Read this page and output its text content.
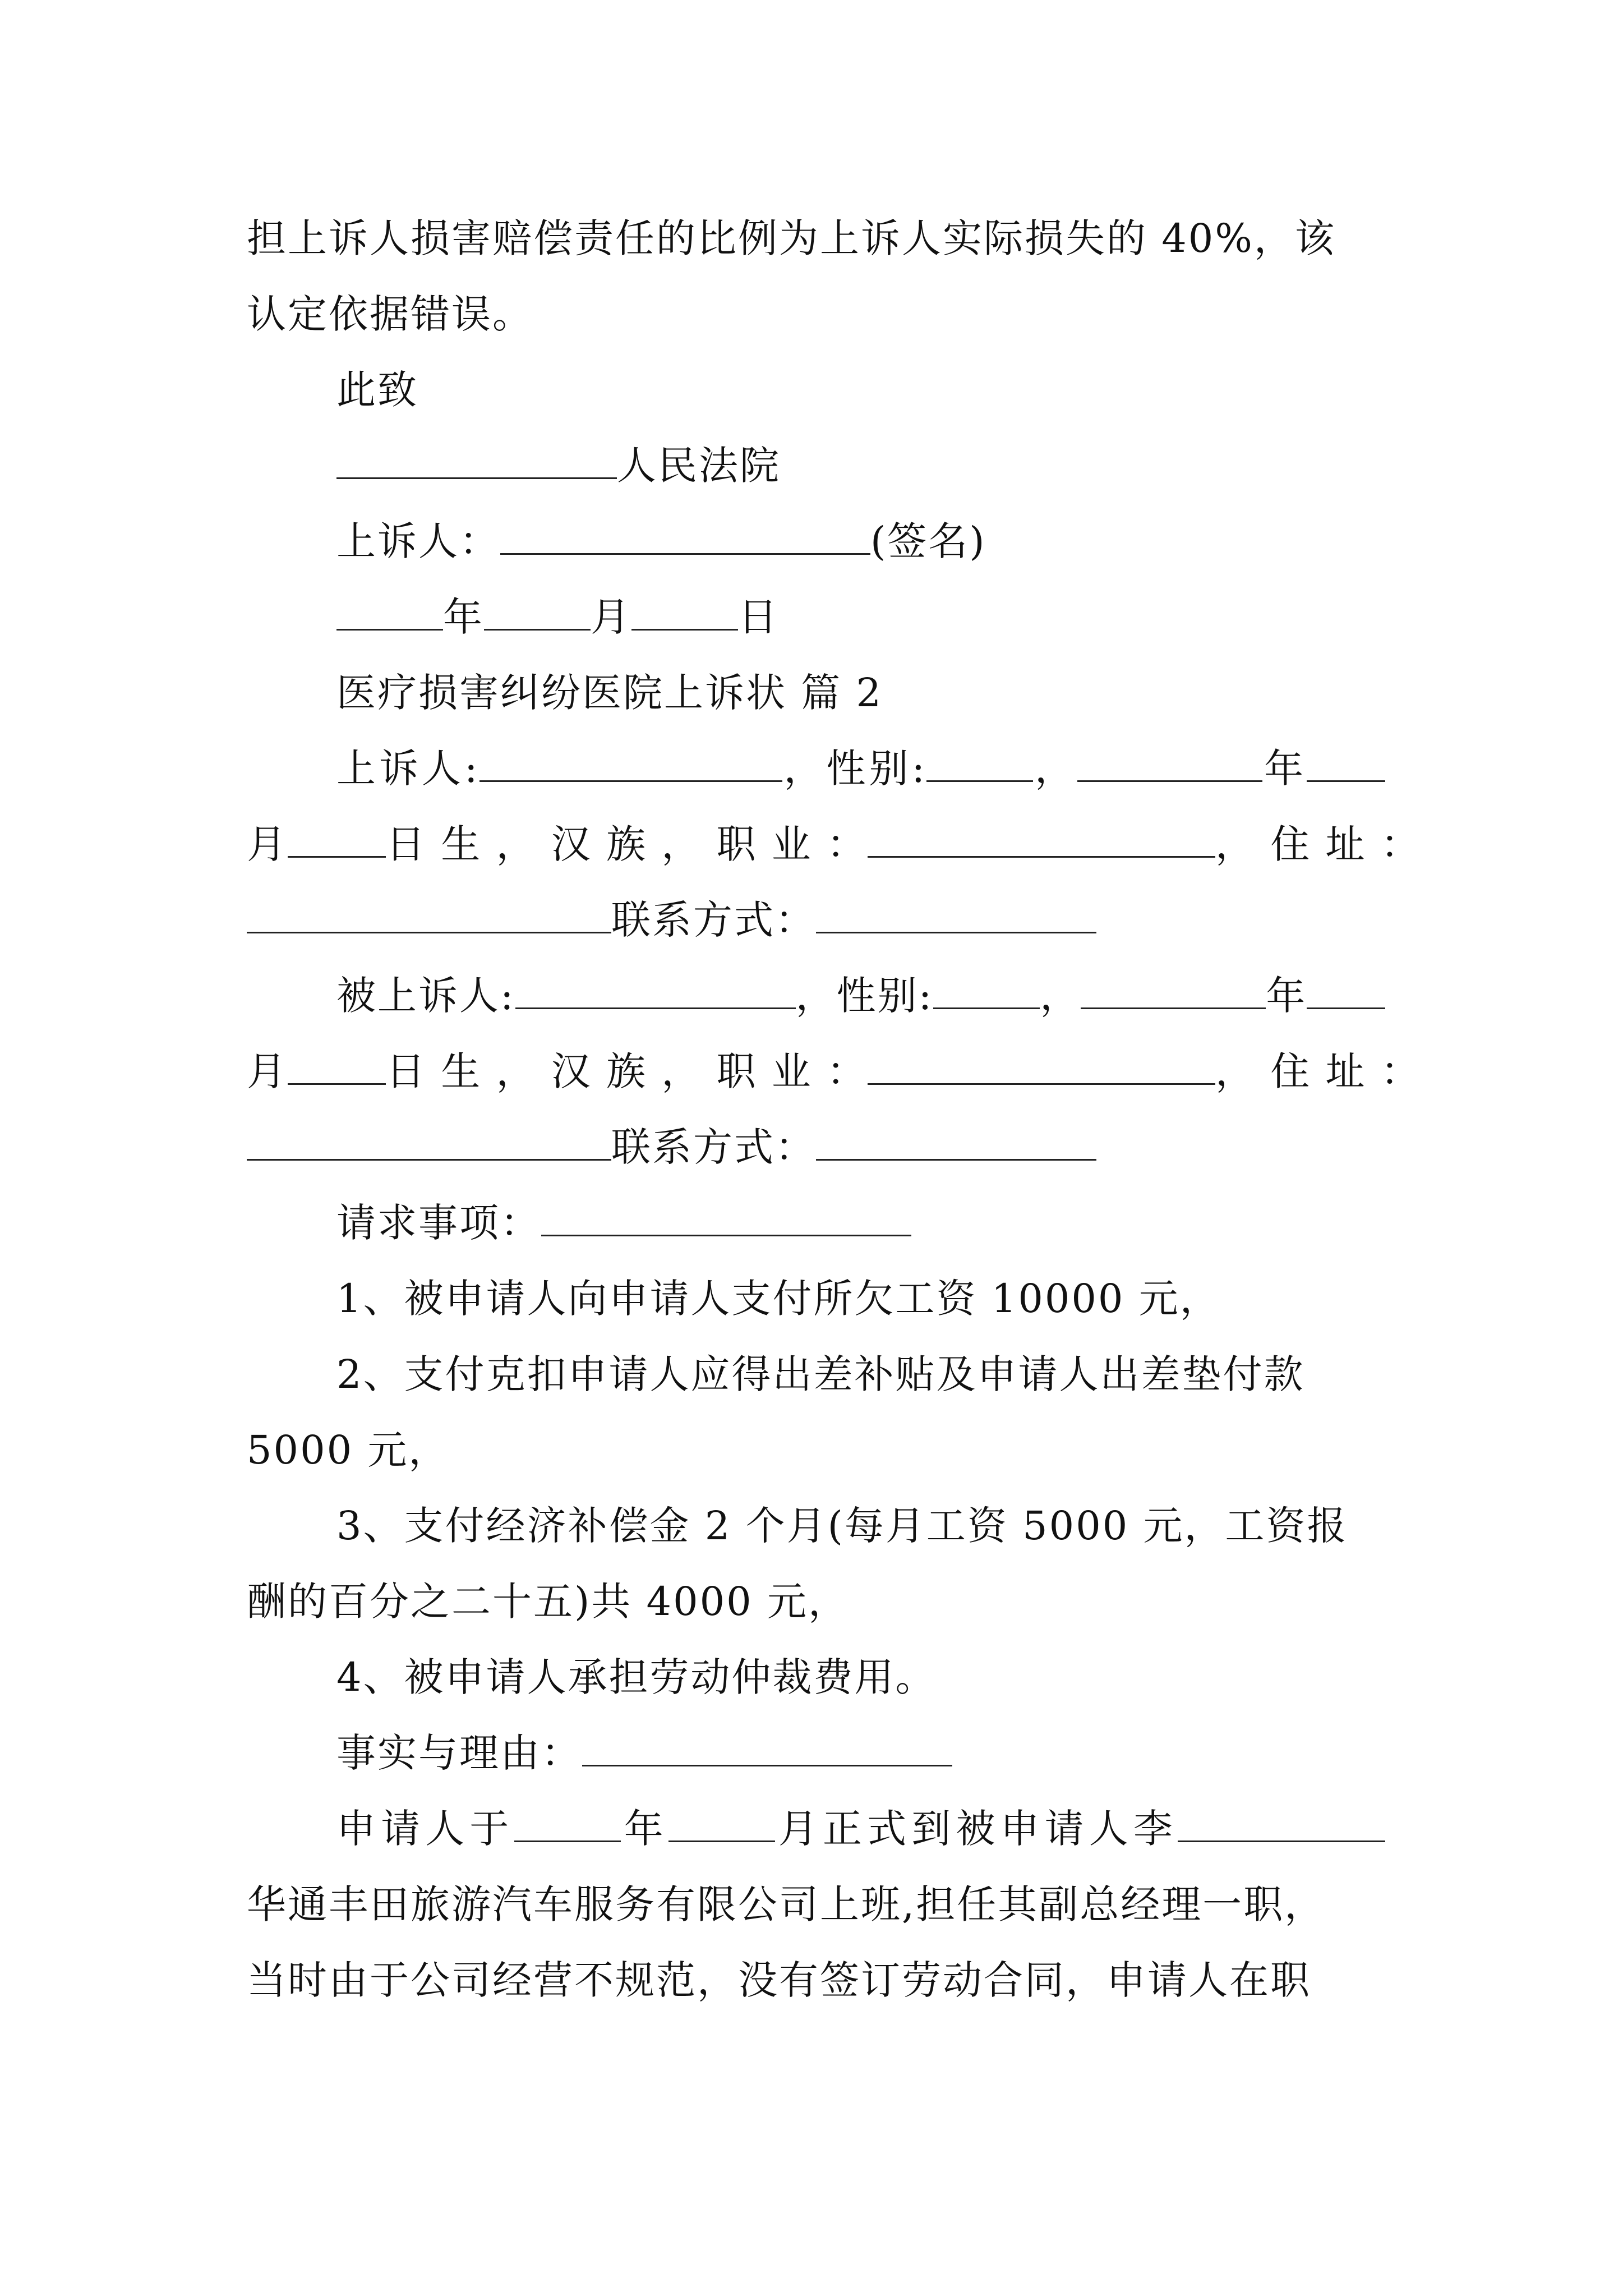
担上诉人损害赔偿责任的比例为上诉人实际损失的 40%，该
认定依据错误。
此致
人民法院
上诉人：	(签名)
年	月	日
医疗损害纠纷医院上诉状 篇 2
上诉人:	，性别:	，	年
月	日 生 ， 汉 族 ， 职 业 ：	， 住 址 ：
联系方式：
被上诉人:	，性别:	，	年
月	日 生 ， 汉 族 ， 职 业 ：	， 住 址 ：
联系方式：
请求事项：
1、被申请人向申请人支付所欠工资 10000 元，
2、支付克扣申请人应得出差补贴及申请人出差垫付款
5000 元，
3、支付经济补偿金 2 个月(每月工资 5000 元，工资报
酬的百分之二十五)共 4000 元，
4、被申请人承担劳动仲裁费用。
事实与理由：
申请人于	年	月正式到被申请人李
华通丰田旅游汽车服务有限公司上班,担任其副总经理一职，
当时由于公司经营不规范，没有签订劳动合同，申请人在职
